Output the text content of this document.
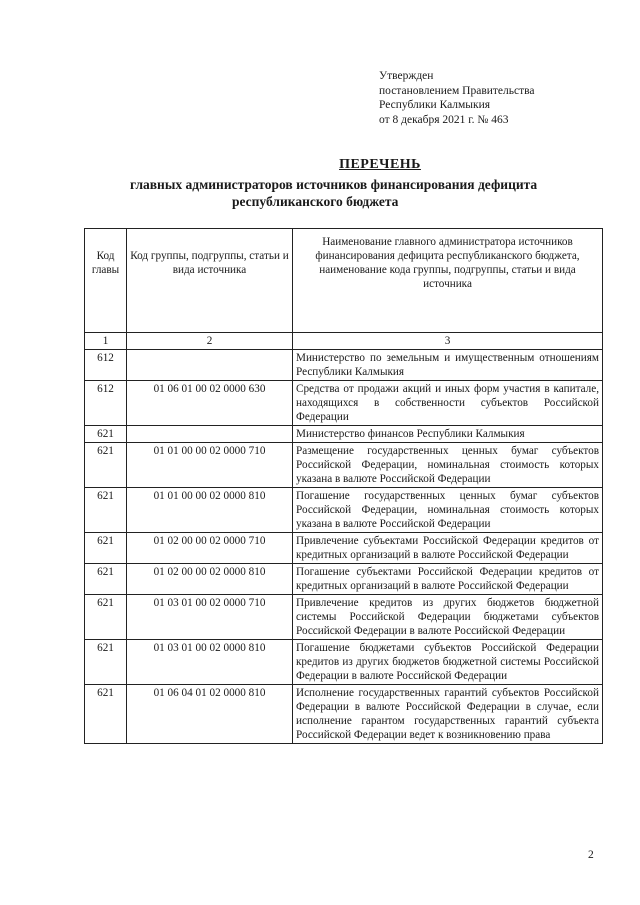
Утвержден
постановлением Правительства
Республики Калмыкия
от 8 декабря 2021 г. № 463
ПЕРЕЧЕНЬ
главных администраторов источников финансирования дефицита
республиканского бюджета
Код главы	Код группы, подгруппы, статьи и вида источника	Наименование главного администратора источников финансирования дефицита республиканского бюджета, наименование кода группы, подгруппы, статьи и вида источника
1	2	3
612		Министерство по земельным и имущественным отношениям Республики Калмыкия
612	01 06 01 00 02 0000 630	Средства от продажи акций и иных форм участия в капитале, находящихся в собственности субъектов Российской Федерации
621		Министерство финансов Республики Калмыкия
621	01 01 00 00 02 0000 710	Размещение государственных ценных бумаг субъектов Российской Федерации, номинальная стоимость которых указана в валюте Российской Федерации
621	01 01 00 00 02 0000 810	Погашение государственных ценных бумаг субъектов Российской Федерации, номинальная стоимость которых указана в валюте Российской Федерации
621	01 02 00 00 02 0000 710	Привлечение субъектами Российской Федерации кредитов от кредитных организаций в валюте Российской Федерации
621	01 02 00 00 02 0000 810	Погашение субъектами Российской Федерации кредитов от кредитных организаций в валюте Российской Федерации
621	01 03 01 00 02 0000 710	Привлечение кредитов из других бюджетов бюджетной системы Российской Федерации бюджетами субъектов Российской Федерации в валюте Российской Федерации
621	01 03 01 00 02 0000 810	Погашение бюджетами субъектов Российской Федерации кредитов из других бюджетов бюджетной системы Российской Федерации в валюте Российской Федерации
621	01 06 04 01 02 0000 810	Исполнение государственных гарантий субъектов Российской Федерации в валюте Российской Федерации в случае, если исполнение гарантом государственных гарантий субъекта Российской Федерации ведет к возникновению права
2
